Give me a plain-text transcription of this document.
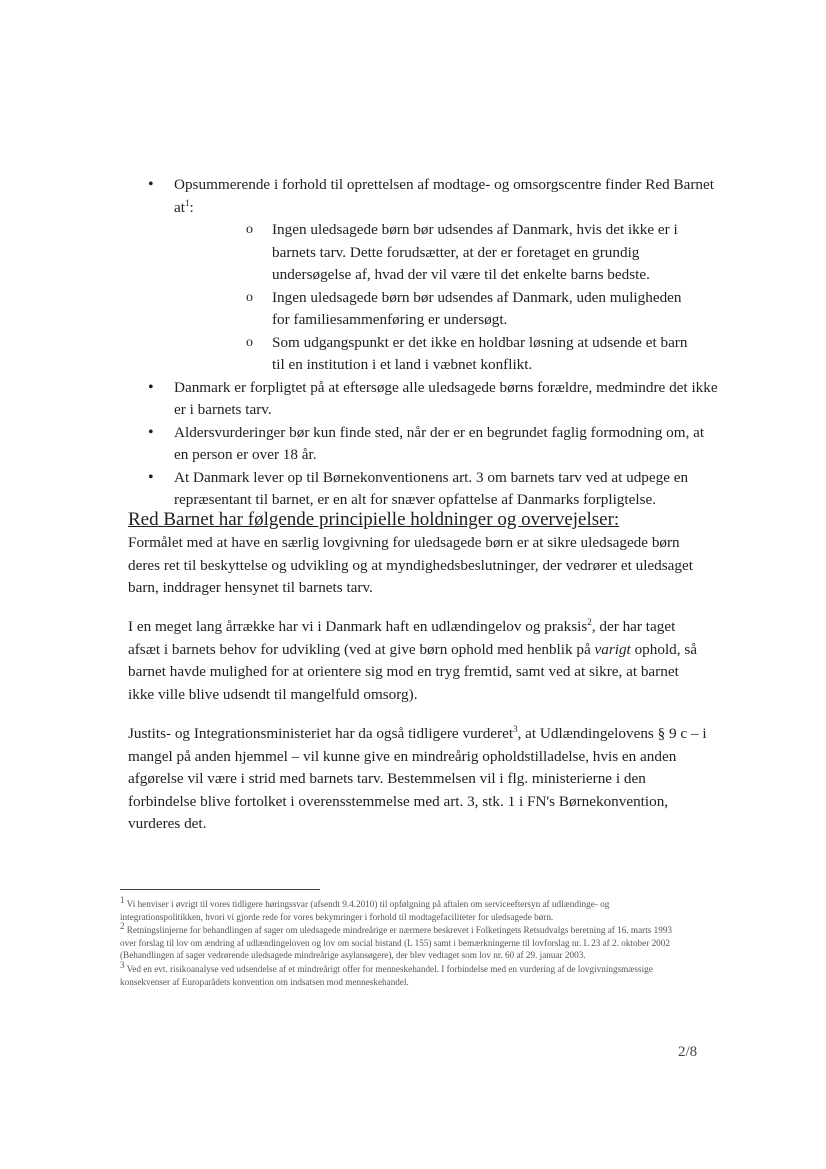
• Opsummerende i forhold til oprettelsen af modtage- og omsorgscentre finder Red Barnet $at^1$:
o Ingen uledsagede børn bør udsendes af Danmark, hvis det ikke er i barnets tarv. Dette forudsætter, at der er foretaget en grundig undersøgelse af, hvad der vil være til det enkelte barns bedste.
o Ingen uledsagede børn bør udsendes af Danmark, uden muligheden for familiesammenføring er undersøgt.
o Som udgangspunkt er det ikke en holdbar løsning at udsende et barn til en institution i et land i væbnet konflikt.
• Danmark er forpligtet på at eftersøge alle uledsagede børns forældre, medmindre det ikke er i barnets tarv.
• Aldersvurderinger bør kun finde sted, når der er en begrundet faglig formodning om, at en person er over 18 år.
• At Danmark lever op til Børnekonventionens art. 3 om barnets tarv ved at udpege en repræsentant til barnet, er en alt for snæver opfattelse af Danmarks forpligtelse.
Red Barnet har følgende principielle holdninger og overvejelser:

Formålet med at have en særlig lovgivning for uledsagede børn er at sikre uledsagede børn deres ret til beskyttelse og udvikling og at myndighedsbeslutninger, der vedrører et uledsaget barn, inddrager hensynet til barnets tarv.

I en meget lang årrække har vi i Danmark haft en udlændingelov og praksis$^2$, der har taget afsæt i barnets behov for udvikling (ved at give børn ophold med henblik på varigt ophold, så barnet havde mulighed for at orientere sig mod en tryg fremtid, samt ved at sikre, at barnet ikke ville blive udsendt til mangelfuld omsorg).

Justits- og Integrationsministeriet har da også tidligere vurderet$^3$, at Udlændingelovens § 9 c – i mangel på anden hjemmel – vil kunne give en mindreårig opholdstilladelse, hvis en anden afgørelse vil være i strid med barnets tarv. Bestemmelsen vil i flg. ministerierne i den forbindelse blive fortolket i overensstemmelse med art. 3, stk. 1 i FN's Børnekonvention, vurderes det.

$^1$ Vi henviser i øvrigt til vores tidligere høringssvar (afsendt 9.4.2010) til opfølgning på aftalen om serviceeftersyn af udlændinge- og integrationspolitikken, hvori vi gjorde rede for vores bekymringer i forhold til modtagefaciliteter for uledsagede børn.

$^2$ Retningslinjerne for behandlingen af sager om uledsagede mindreårige er nærmere beskrevet i Folketingets Retsudvalgs beretning af 16. marts 1993 over forslag til lov om ændring af udlændingeloven og lov om social bistand (L 155) samt i bemærkningerne til lovforslag nr. L 23 af 2. oktober 2002 (Behandlingen af sager vedrørende uledsagede mindreårige asylansøgere), der blev vedtaget som lov nr. 60 af 29. januar 2003.

$^3$ Ved en evt. risikoanalyse ved udsendelse af et mindreårigt offer for menneskehandel. I forbindelse med en vurdering af de lovgivningsmæssige konsekvenser af Europarådets konvention om indsatsen mod menneskehandel.

2/8
